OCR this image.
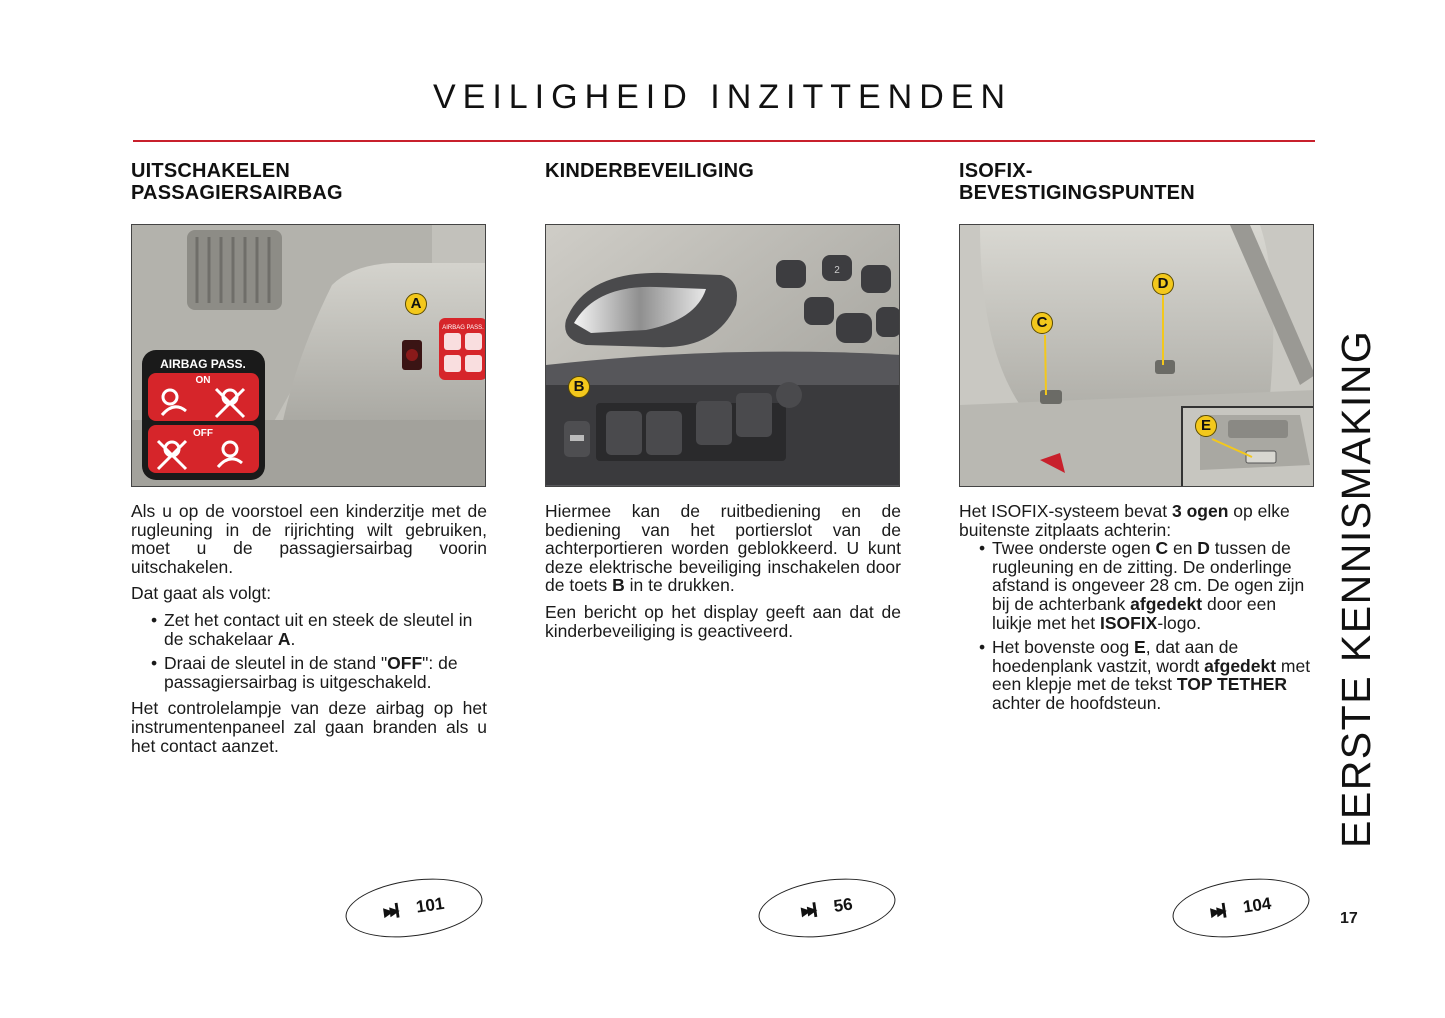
VEILIGHEID INZITTENDEN
UITSCHAKELEN
PASSAGIERSAIRBAG
AIRBAG PASS.
AIRBAG PASS.
ON
OFF
A

Als u op de voorstoel een kinderzitje met de rugleuning in de rijrichting wilt gebruiken, moet u de passagiersairbag voorin uitschakelen.

Dat gaat als volgt:

• Zet het contact uit en steek de sleutel in de schakelaar A.
• Draai de sleutel in de stand "OFF": de passagiersairbag is uitgeschakeld.

Het controlelampje van deze airbag op het instrumentenpaneel zal gaan branden als u het contact aanzet.

KINDERBEVEILIGING
2
B

Hiermee kan de ruitbediening en de bediening van het portierslot van de achterportieren worden geblokkeerd. U kunt deze elektrische beveiliging inschakelen door de toets B in te drukken.

Een bericht op het display geeft aan dat de kinderbeveiliging is geactiveerd.

ISOFIX-
BEVESTIGINGSPUNTEN
D
C
E

Het ISOFIX-systeem bevat 3 ogen op elke buitenste zitplaats achterin:

• Twee onderste ogen C en D tussen de rugleuning en de zitting. De onderlinge afstand is ongeveer 28 cm. De ogen zijn bij de achterbank afgedekt door een luikje met het ISOFIX-logo.
• Het bovenste oog E, dat aan de hoedenplank vastzit, wordt afgedekt met een klepje met de tekst TOP TETHER achter de hoofdsteun.
▶▶▎ 101	▶▶▎ 56	▶▶▎ 104
EERSTE KENNISMAKING
17
